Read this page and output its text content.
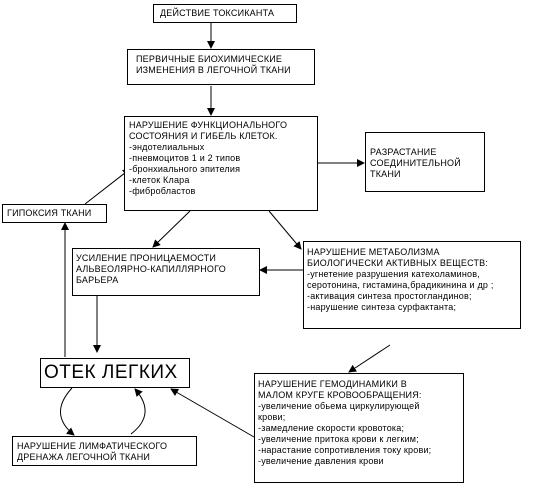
ДЕЙСТВИЕ ТОКСИКАНТА
ПЕРВИЧНЫЕ БИОХИМИЧЕСКИЕ
ИЗМЕНЕНИЯ В ЛЕГОЧНОЙ ТКАНИ
НАРУШЕНИЕ ФУНКЦИОНАЛЬНОГО
СОСТОЯНИЯ И ГИБЕЛЬ КЛЕТОК.
-эндотелиальных
-пневмоцитов 1 и 2 типов
-бронхиального эпителия
-клеток Клара
-фибробластов
РАЗРАСТАНИЕ
СОЕДИНИТЕЛЬНОЙ
ТКАНИ
ГИПОКСИЯ ТКАНИ
УСИЛЕНИЕ ПРОНИЦАЕМОСТИ
АЛЬВЕОЛЯРНО-КАПИЛЛЯРНОГО
БАРЬЕРА
НАРУШЕНИЕ МЕТАБОЛИЗМА
БИОЛОГИЧЕСКИ АКТИВНЫХ ВЕЩЕСТВ:
-угнетение разрушения катехоламинов,
серотонина, гистамина,брадикинина и др ;
-активация синтеза простогландинов;
-нарушение синтеза сурфактанта;
ОТЕК ЛЕГКИХ
НАРУШЕНИЕ ГЕМОДИНАМИКИ В
МАЛОМ КРУГЕ КРОВООБРАЩЕНИЯ:
-увеличение обьема циркулирующей
крови;
-замедление скорости кровотока;
-увеличение притока крови к легким;
-нарастание сопротивления току крови;
-увеличение давления крови
НАРУШЕНИЕ ЛИМФАТИЧЕСКОГО
ДРЕНАЖА ЛЕГОЧНОЙ ТКАНИ
